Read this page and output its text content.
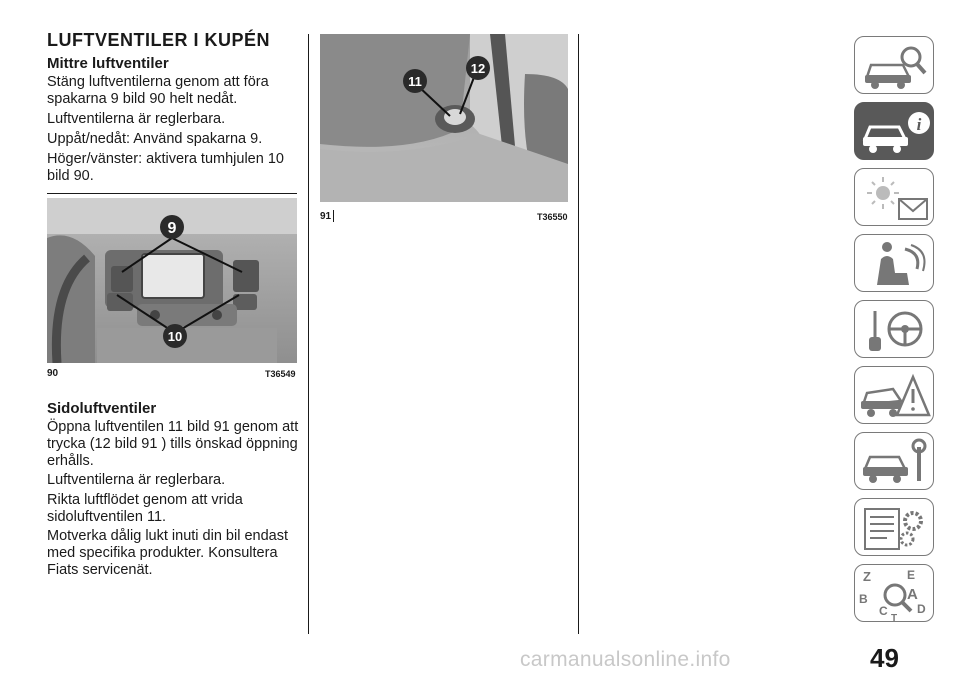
LUFTVENTILER I KUPÉN
Mittre luftventiler
Stäng luftventilerna genom att föra spakarna 9 bild 90 helt nedåt.
Luftventilerna är reglerbara.
Uppåt/nedåt: Använd spakarna 9.
Höger/vänster: aktivera tumhjulen 10 bild 90.
9
10
90	T36549
Sidoluftventiler
Öppna luftventilen 11 bild 91 genom att trycka (12 bild 91 ) tills önskad öppning erhålls.
Luftventilerna är reglerbara.
Rikta luftflödet genom att vrida sidoluftventilen 11.
Motverka dålig lukt inuti din bil endast med specifika produkter. Konsultera Fiats servicenät.
11
12
91	T36550
i
Z	E
B	A
C D
T
49
carmanualsonline.info
